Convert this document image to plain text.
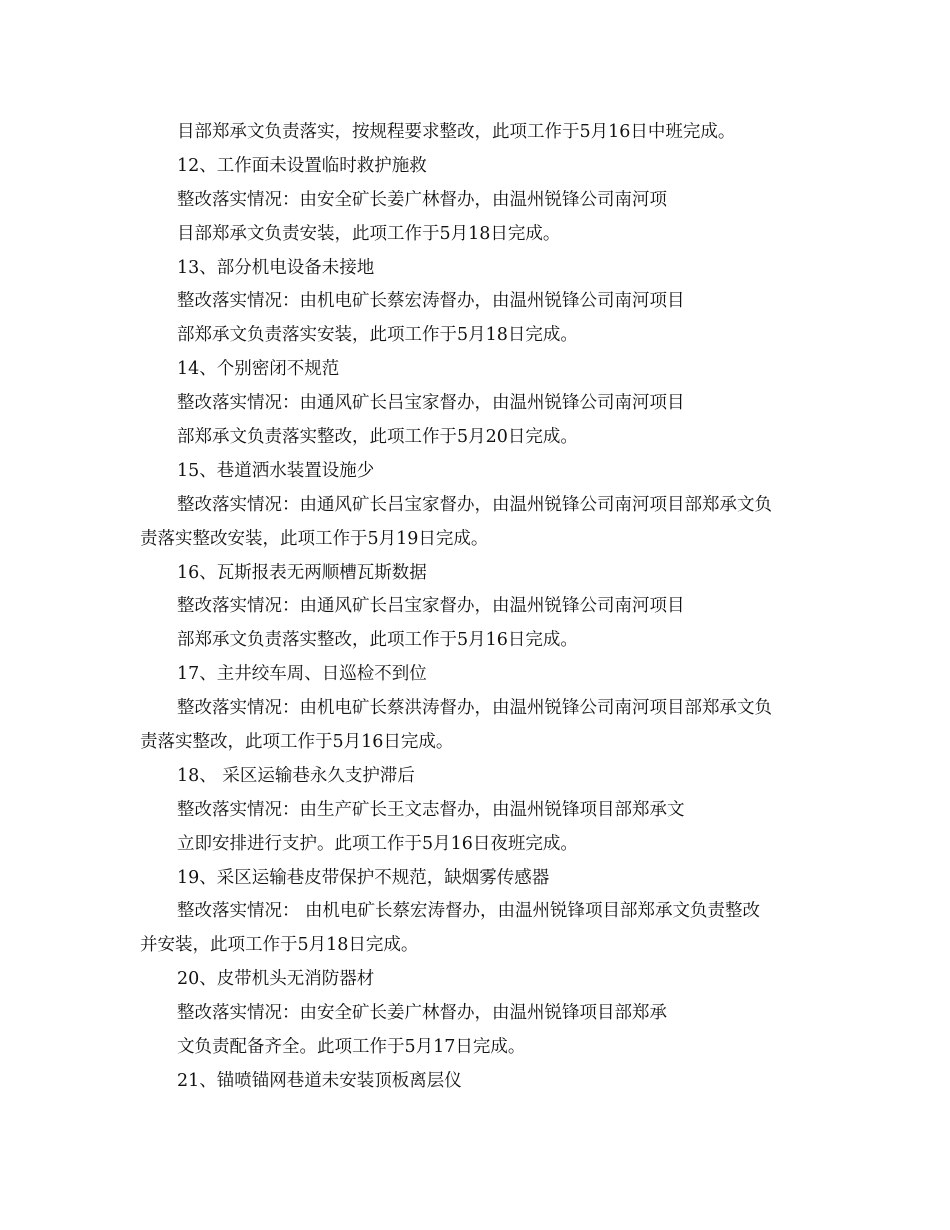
目部郑承文负责落实，按规程要求整改，此项工作于5月16日中班完成。
12、工作面未设置临时救护施救
整改落实情况：由安全矿长姜广林督办，由温州锐锋公司南河项
目部郑承文负责安装，此项工作于5月18日完成。
13、部分机电设备未接地
整改落实情况：由机电矿长蔡宏涛督办，由温州锐锋公司南河项目
部郑承文负责落实安装，此项工作于5月18日完成。
14、个别密闭不规范
整改落实情况：由通风矿长吕宝家督办，由温州锐锋公司南河项目
部郑承文负责落实整改，此项工作于5月20日完成。
15、巷道洒水装置设施少
整改落实情况：由通风矿长吕宝家督办，由温州锐锋公司南河项目部郑承文负
责落实整改安装，此项工作于5月19日完成。
16、瓦斯报表无两顺槽瓦斯数据
整改落实情况：由通风矿长吕宝家督办，由温州锐锋公司南河项目
部郑承文负责落实整改，此项工作于5月16日完成。
17、主井绞车周、日巡检不到位
整改落实情况：由机电矿长蔡洪涛督办，由温州锐锋公司南河项目部郑承文负
责落实整改，此项工作于5月16日完成。
18、 采区运输巷永久支护滞后
整改落实情况：由生产矿长王文志督办，由温州锐锋项目部郑承文
立即安排进行支护。此项工作于5月16日夜班完成。
19、采区运输巷皮带保护不规范，缺烟雾传感器
整改落实情况： 由机电矿长蔡宏涛督办，由温州锐锋项目部郑承文负责整改
并安装，此项工作于5月18日完成。
20、皮带机头无消防器材
整改落实情况：由安全矿长姜广林督办，由温州锐锋项目部郑承
文负责配备齐全。此项工作于5月17日完成。
21、锚喷锚网巷道未安装顶板离层仪
